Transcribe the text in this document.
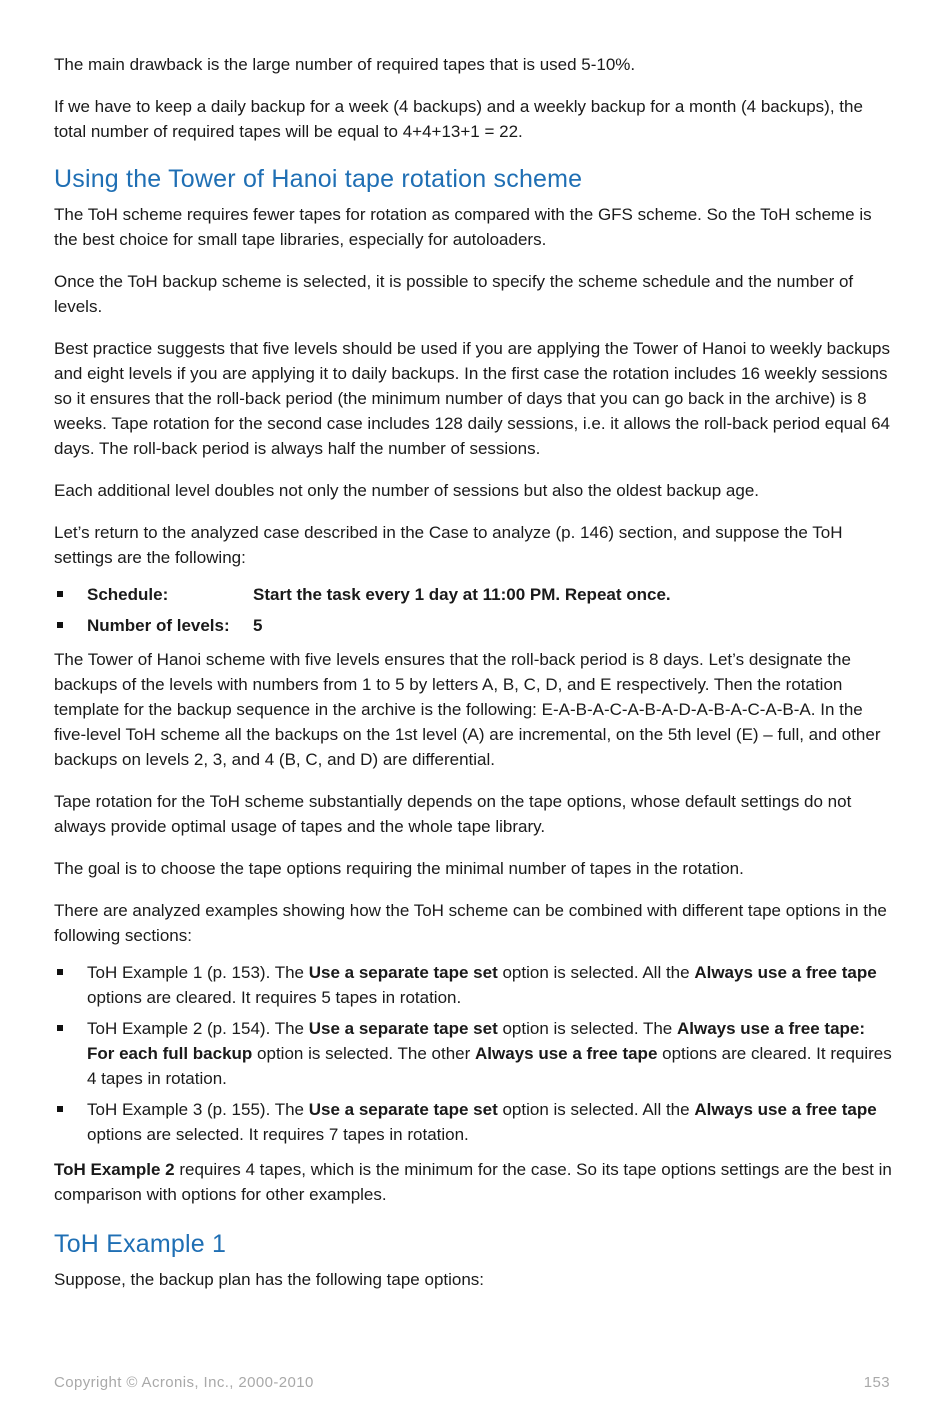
The main drawback is the large number of required tapes that is used 5-10%.

If we have to keep a daily backup for a week (4 backups) and a weekly backup for a month (4 backups), the total number of required tapes will be equal to 4+4+13+1 = 22.

Using the Tower of Hanoi tape rotation scheme

The ToH scheme requires fewer tapes for rotation as compared with the GFS scheme. So the ToH scheme is the best choice for small tape libraries, especially for autoloaders.

Once the ToH backup scheme is selected, it is possible to specify the scheme schedule and the number of levels.

Best practice suggests that five levels should be used if you are applying the Tower of Hanoi to weekly backups and eight levels if you are applying it to daily backups. In the first case the rotation includes 16 weekly sessions so it ensures that the roll-back period (the minimum number of days that you can go back in the archive) is 8 weeks. Tape rotation for the second case includes 128 daily sessions, i.e. it allows the roll-back period equal 64 days. The roll-back period is always half the number of sessions.

Each additional level doubles not only the number of sessions but also the oldest backup age.

Let’s return to the analyzed case described in the Case to analyze (p. 146) section, and suppose the ToH settings are the following:

Schedule:	Start the task every 1 day at 11:00 PM. Repeat once.
Number of levels: 5

The Tower of Hanoi scheme with five levels ensures that the roll-back period is 8 days. Let’s designate the backups of the levels with numbers from 1 to 5 by letters A, B, C, D, and E respectively. Then the rotation template for the backup sequence in the archive is the following: E-A-B-A-C-A-B-A-D-A-B-A-C-A-B-A. In the five-level ToH scheme all the backups on the 1st level (A) are incremental, on the 5th level (E) – full, and other backups on levels 2, 3, and 4 (B, C, and D) are differential.

Tape rotation for the ToH scheme substantially depends on the tape options, whose default settings do not always provide optimal usage of tapes and the whole tape library.

The goal is to choose the tape options requiring the minimal number of tapes in the rotation.

There are analyzed examples showing how the ToH scheme can be combined with different tape options in the following sections:

ToH Example 1 (p. 153). The Use a separate tape set option is selected. All the Always use a free tape options are cleared. It requires 5 tapes in rotation.
ToH Example 2 (p. 154). The Use a separate tape set option is selected. The Always use a free tape: For each full backup option is selected. The other Always use a free tape options are cleared. It requires 4 tapes in rotation.
ToH Example 3 (p. 155). The Use a separate tape set option is selected. All the Always use a free tape options are selected. It requires 7 tapes in rotation.

ToH Example 2 requires 4 tapes, which is the minimum for the case. So its tape options settings are the best in comparison with options for other examples.

ToH Example 1

Suppose, the backup plan has the following tape options:

Copyright © Acronis, Inc., 2000-2010	153
